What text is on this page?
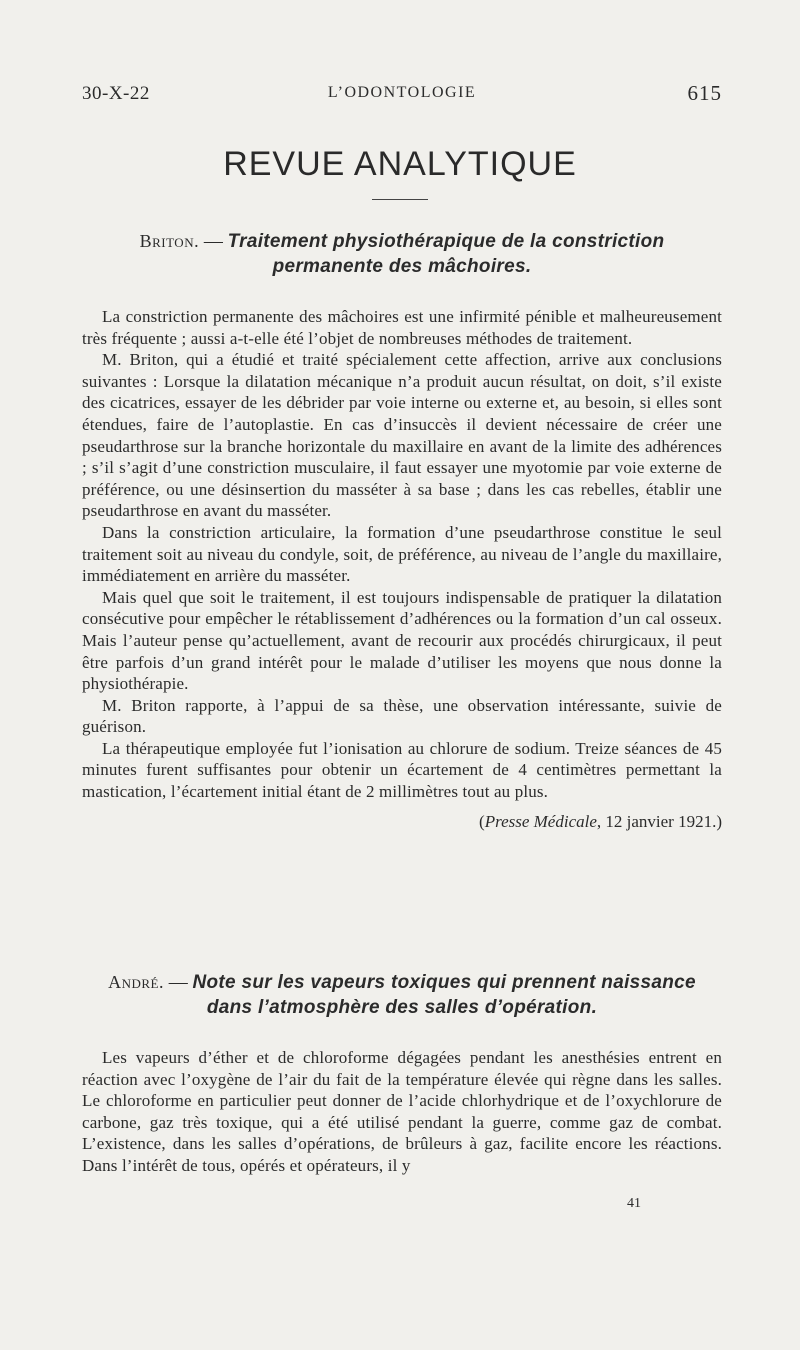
30-X-22	L’ODONTOLOGIE	615
REVUE ANALYTIQUE
Briton. — Traitement physiothérapique de la constriction
permanente des mâchoires.

La constriction permanente des mâchoires est une infirmité pénible et malheureusement très fréquente ; aussi a-t-elle été l’objet de nombreuses méthodes de traitement.

M. Briton, qui a étudié et traité spécialement cette affection, arrive aux conclusions suivantes : Lorsque la dilatation mécanique n’a produit aucun résultat, on doit, s’il existe des cicatrices, essayer de les débrider par voie interne ou externe et, au besoin, si elles sont étendues, faire de l’autoplastie. En cas d’insuccès il devient nécessaire de créer une pseudarthrose sur la branche horizontale du maxillaire en avant de la limite des adhérences ; s’il s’agit d’une constriction musculaire, il faut essayer une myotomie par voie externe de préférence, ou une désinsertion du masséter à sa base ; dans les cas rebelles, établir une pseudarthrose en avant du masséter.

Dans la constriction articulaire, la formation d’une pseudarthrose constitue le seul traitement soit au niveau du condyle, soit, de préférence, au niveau de l’angle du maxillaire, immédiatement en arrière du masséter.

Mais quel que soit le traitement, il est toujours indispensable de pratiquer la dilatation consécutive pour empêcher le rétablissement d’adhérences ou la formation d’un cal osseux. Mais l’auteur pense qu’actuellement, avant de recourir aux procédés chirurgicaux, il peut être parfois d’un grand intérêt pour le malade d’utiliser les moyens que nous donne la physiothérapie.

M. Briton rapporte, à l’appui de sa thèse, une observation intéressante, suivie de guérison.

La thérapeutique employée fut l’ionisation au chlorure de sodium. Treize séances de 45 minutes furent suffisantes pour obtenir un écartement de 4 centimètres permettant la mastication, l’écartement initial étant de 2 millimètres tout au plus.

(Presse Médicale, 12 janvier 1921.)
André. — Note sur les vapeurs toxiques qui prennent naissance
dans l’atmosphère des salles d’opération.

Les vapeurs d’éther et de chloroforme dégagées pendant les anesthésies entrent en réaction avec l’oxygène de l’air du fait de la température élevée qui règne dans les salles. Le chloroforme en particulier peut donner de l’acide chlorhydrique et de l’oxychlorure de carbone, gaz très toxique, qui a été utilisé pendant la guerre, comme gaz de combat. L’existence, dans les salles d’opérations, de brûleurs à gaz, facilite encore les réactions. Dans l’intérêt de tous, opérés et opérateurs, il y

41
